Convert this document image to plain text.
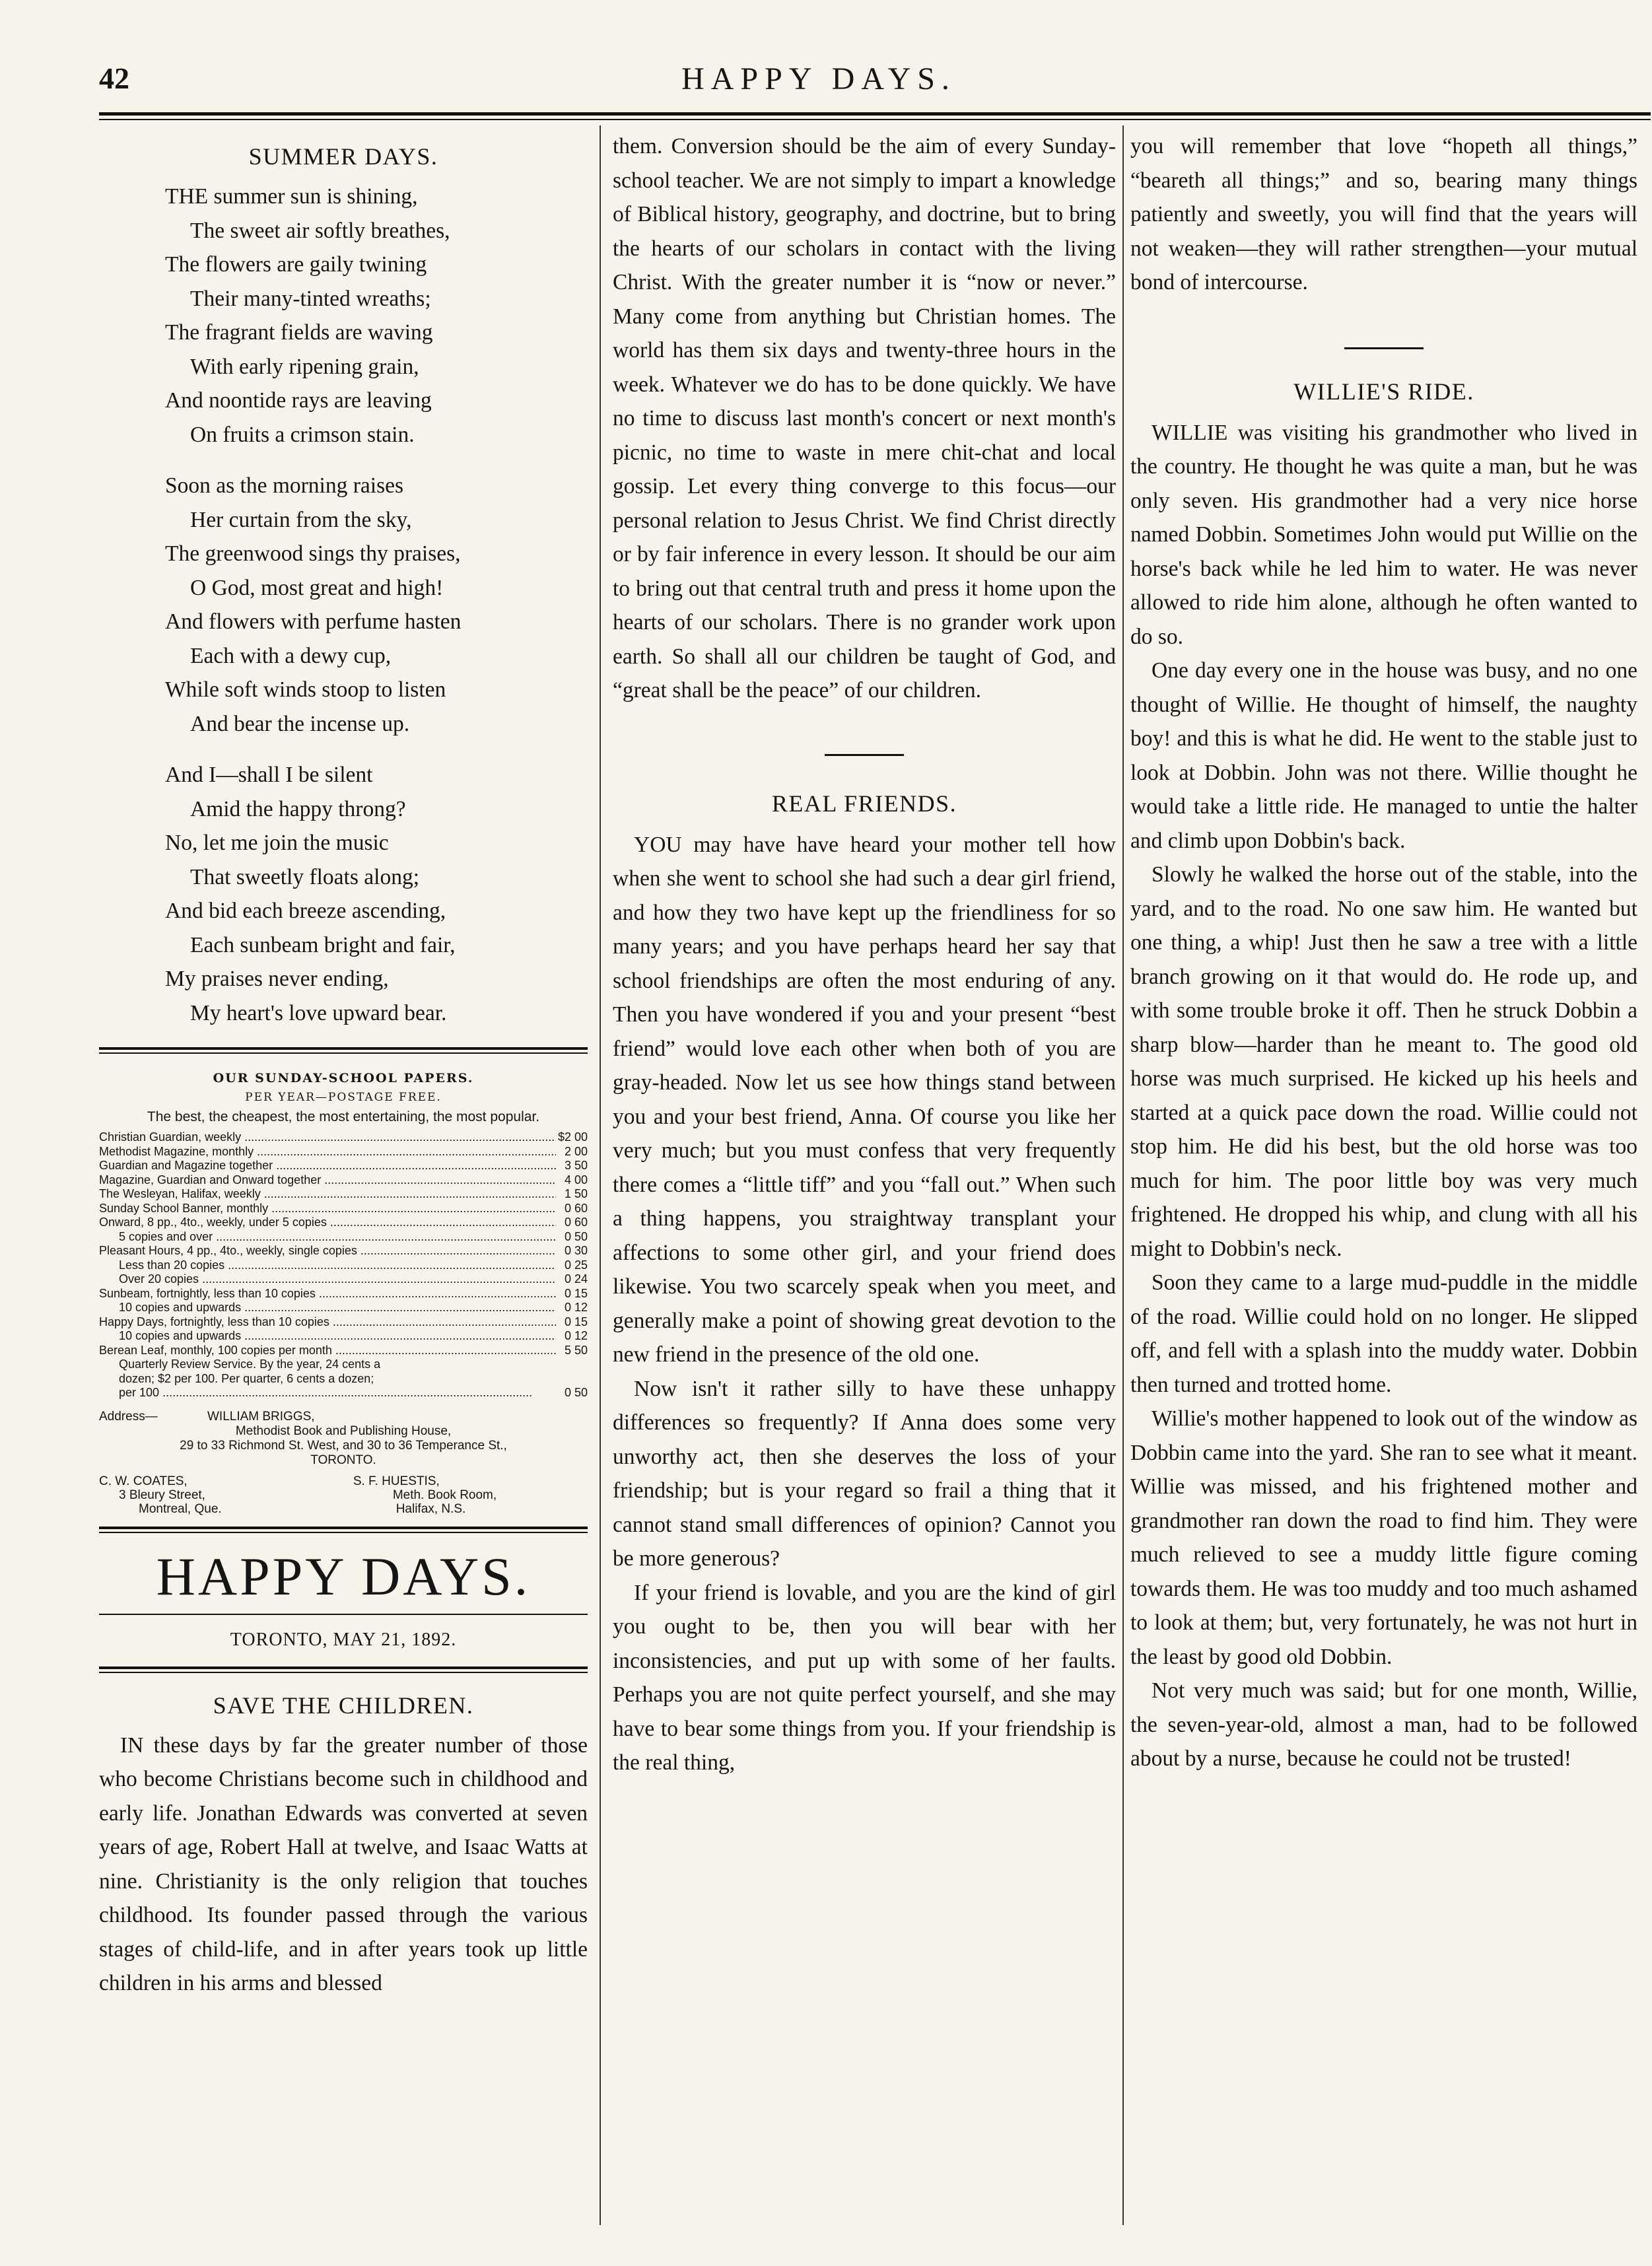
42	HAPPY DAYS.
SUMMER DAYS.
THE summer sun is shining,
The sweet air softly breathes,
The flowers are gaily twining
Their many-tinted wreaths;
The fragrant fields are waving
With early ripening grain,
And noontide rays are leaving
On fruits a crimson stain.
Soon as the morning raises
Her curtain from the sky,
The greenwood sings thy praises,
O God, most great and high!
And flowers with perfume hasten
Each with a dewy cup,
While soft winds stoop to listen
And bear the incense up.
And I—shall I be silent
Amid the happy throng?
No, let me join the music
That sweetly floats along;
And bid each breeze ascending,
Each sunbeam bright and fair,
My praises never ending,
My heart's love upward bear.
OUR SUNDAY-SCHOOL PAPERS.
PER YEAR—POSTAGE FREE.
The best, the cheapest, the most entertaining, the most popular.
Christian Guardian, weekly .....	$2 00
Methodist Magazine, monthly .....	2 00
Guardian and Magazine together .....	3 50
Magazine, Guardian and Onward together .....	4 00
The Wesleyan, Halifax, weekly .....	1 50
Sunday School Banner, monthly .....	0 60
Onward, 8 pp., 4to., weekly, under 5 copies .....	0 60
5 copies and over .....	0 50
Pleasant Hours, 4 pp., 4to., weekly, single copies .....	0 30
Less than 20 copies .....	0 25
Over 20 copies .....	0 24
Sunbeam, fortnightly, less than 10 copies .....	0 15
10 copies and upwards .....	0 12
Happy Days, fortnightly, less than 10 copies .....	0 15
10 copies and upwards .....	0 12
Berean Leaf, monthly, 100 copies per month .....	5 50
Quarterly Review Service. By the year, 24 cents a
dozen; $2 per 100. Per quarter, 6 cents a dozen;
per 100 .....	0 50
Address—	WILLIAM BRIGGS,
Methodist Book and Publishing House,
29 to 33 Richmond St. West, and 30 to 36 Temperance St.,
TORONTO.
C. W. COATES,
3 Bleury Street,
Montreal, Que.
S. F. HUESTIS,
Meth. Book Room,
Halifax, N.S.
HAPPY DAYS.
TORONTO, MAY 21, 1892.
SAVE THE CHILDREN.

IN these days by far the greater number of those who become Christians become such in childhood and early life. Jonathan Edwards was converted at seven years of age, Robert Hall at twelve, and Isaac Watts at nine. Christianity is the only religion that touches childhood. Its founder passed through the various stages of child-life, and in after years took up little children in his arms and blessed

them. Conversion should be the aim of every Sunday-school teacher. We are not simply to impart a knowledge of Biblical history, geography, and doctrine, but to bring the hearts of our scholars in contact with the living Christ. With the greater number it is “now or never.” Many come from anything but Christian homes. The world has them six days and twenty-three hours in the week. Whatever we do has to be done quickly. We have no time to discuss last month's concert or next month's picnic, no time to waste in mere chit-chat and local gossip. Let every thing converge to this focus—our personal relation to Jesus Christ. We find Christ directly or by fair inference in every lesson. It should be our aim to bring out that central truth and press it home upon the hearts of our scholars. There is no grander work upon earth. So shall all our children be taught of God, and “great shall be the peace” of our children.

REAL FRIENDS.

YOU may have have heard your mother tell how when she went to school she had such a dear girl friend, and how they two have kept up the friendliness for so many years; and you have perhaps heard her say that school friendships are often the most enduring of any. Then you have wondered if you and your present “best friend” would love each other when both of you are gray-headed. Now let us see how things stand between you and your best friend, Anna. Of course you like her very much; but you must confess that very frequently there comes a “little tiff” and you “fall out.” When such a thing happens, you straightway transplant your affections to some other girl, and your friend does likewise. You two scarcely speak when you meet, and generally make a point of showing great devotion to the new friend in the presence of the old one.

Now isn't it rather silly to have these unhappy differences so frequently? If Anna does some very unworthy act, then she deserves the loss of your friendship; but is your regard so frail a thing that it cannot stand small differences of opinion? Cannot you be more generous?

If your friend is lovable, and you are the kind of girl you ought to be, then you will bear with her inconsistencies, and put up with some of her faults. Perhaps you are not quite perfect yourself, and she may have to bear some things from you. If your friendship is the real thing,

you will remember that love “hopeth all things,” “beareth all things;” and so, bearing many things patiently and sweetly, you will find that the years will not weaken—they will rather strengthen—your mutual bond of intercourse.

WILLIE'S RIDE.

WILLIE was visiting his grandmother who lived in the country. He thought he was quite a man, but he was only seven. His grandmother had a very nice horse named Dobbin. Sometimes John would put Willie on the horse's back while he led him to water. He was never allowed to ride him alone, although he often wanted to do so.

One day every one in the house was busy, and no one thought of Willie. He thought of himself, the naughty boy! and this is what he did. He went to the stable just to look at Dobbin. John was not there. Willie thought he would take a little ride. He managed to untie the halter and climb upon Dobbin's back.

Slowly he walked the horse out of the stable, into the yard, and to the road. No one saw him. He wanted but one thing, a whip! Just then he saw a tree with a little branch growing on it that would do. He rode up, and with some trouble broke it off. Then he struck Dobbin a sharp blow—harder than he meant to. The good old horse was much surprised. He kicked up his heels and started at a quick pace down the road. Willie could not stop him. He did his best, but the old horse was too much for him. The poor little boy was very much frightened. He dropped his whip, and clung with all his might to Dobbin's neck.

Soon they came to a large mud-puddle in the middle of the road. Willie could hold on no longer. He slipped off, and fell with a splash into the muddy water. Dobbin then turned and trotted home.

Willie's mother happened to look out of the window as Dobbin came into the yard. She ran to see what it meant. Willie was missed, and his frightened mother and grandmother ran down the road to find him. They were much relieved to see a muddy little figure coming towards them. He was too muddy and too much ashamed to look at them; but, very fortunately, he was not hurt in the least by good old Dobbin.

Not very much was said; but for one month, Willie, the seven-year-old, almost a man, had to be followed about by a nurse, because he could not be trusted!
